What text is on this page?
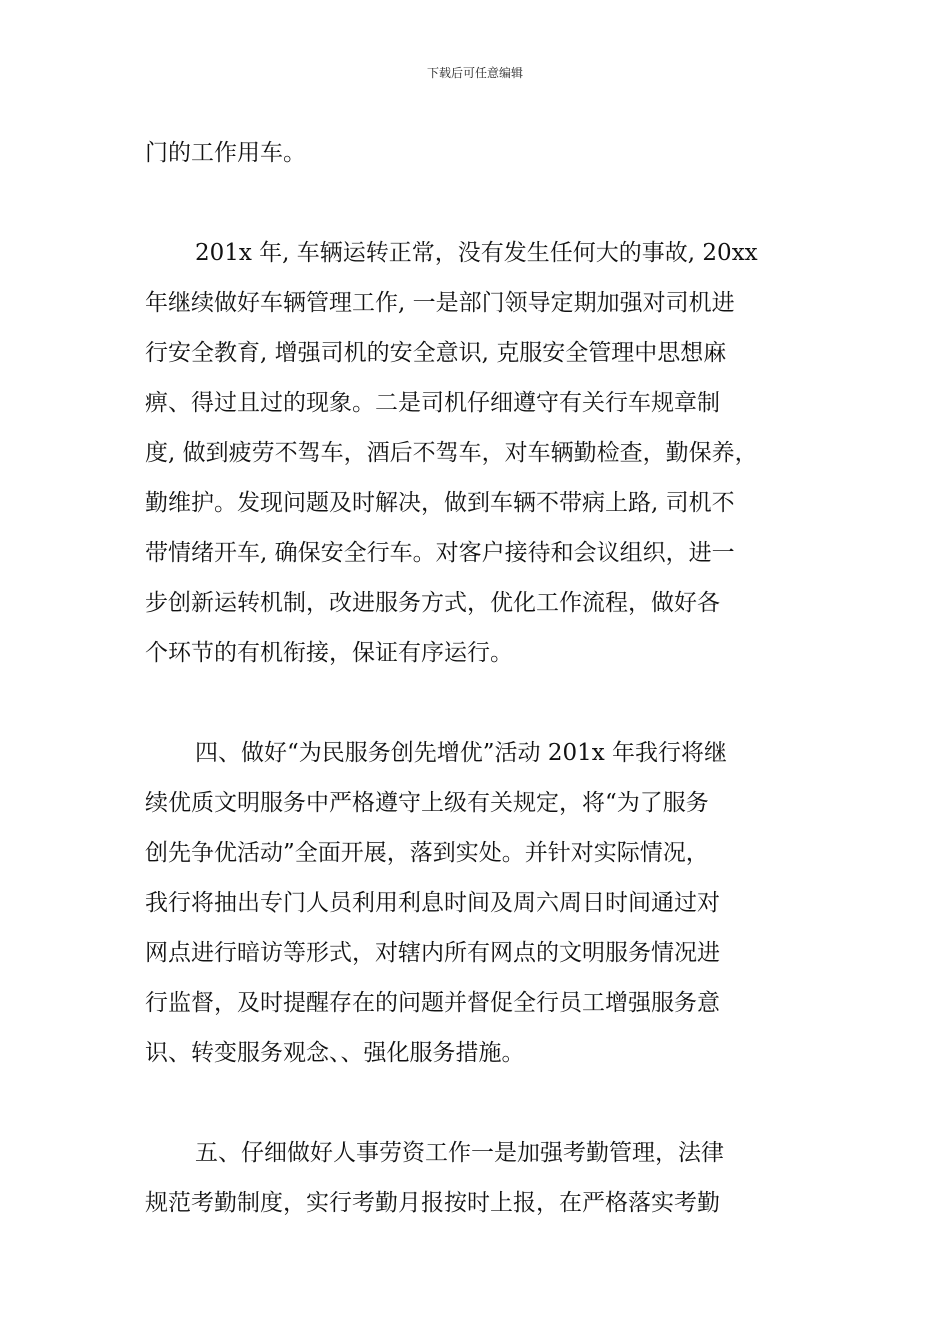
下载后可任意编辑
门的工作用车。
201x 年, 车辆运转正常，没有发生任何大的事故, 20xx
年继续做好车辆管理工作, 一是部门领导定期加强对司机进
行安全教育, 增强司机的安全意识, 克服安全管理中思想麻
痹、得过且过的现象。二是司机仔细遵守有关行车规章制
度, 做到疲劳不驾车，酒后不驾车，对车辆勤检查，勤保养，
勤维护。发现问题及时解决，做到车辆不带病上路, 司机不
带情绪开车, 确保安全行车。对客户接待和会议组织，进一
步创新运转机制，改进服务方式，优化工作流程，做好各
个环节的有机衔接，保证有序运行。
四、做好“为民服务创先增优”活动 201x 年我行将继
续优质文明服务中严格遵守上级有关规定，将“为了服务
创先争优活动”全面开展，落到实处。并针对实际情况，
我行将抽出专门人员利用利息时间及周六周日时间通过对
网点进行暗访等形式，对辖内所有网点的文明服务情况进
行监督，及时提醒存在的问题并督促全行员工增强服务意
识、转变服务观念、、强化服务措施。
五、仔细做好人事劳资工作一是加强考勤管理，法律
规范考勤制度，实行考勤月报按时上报，在严格落实考勤
